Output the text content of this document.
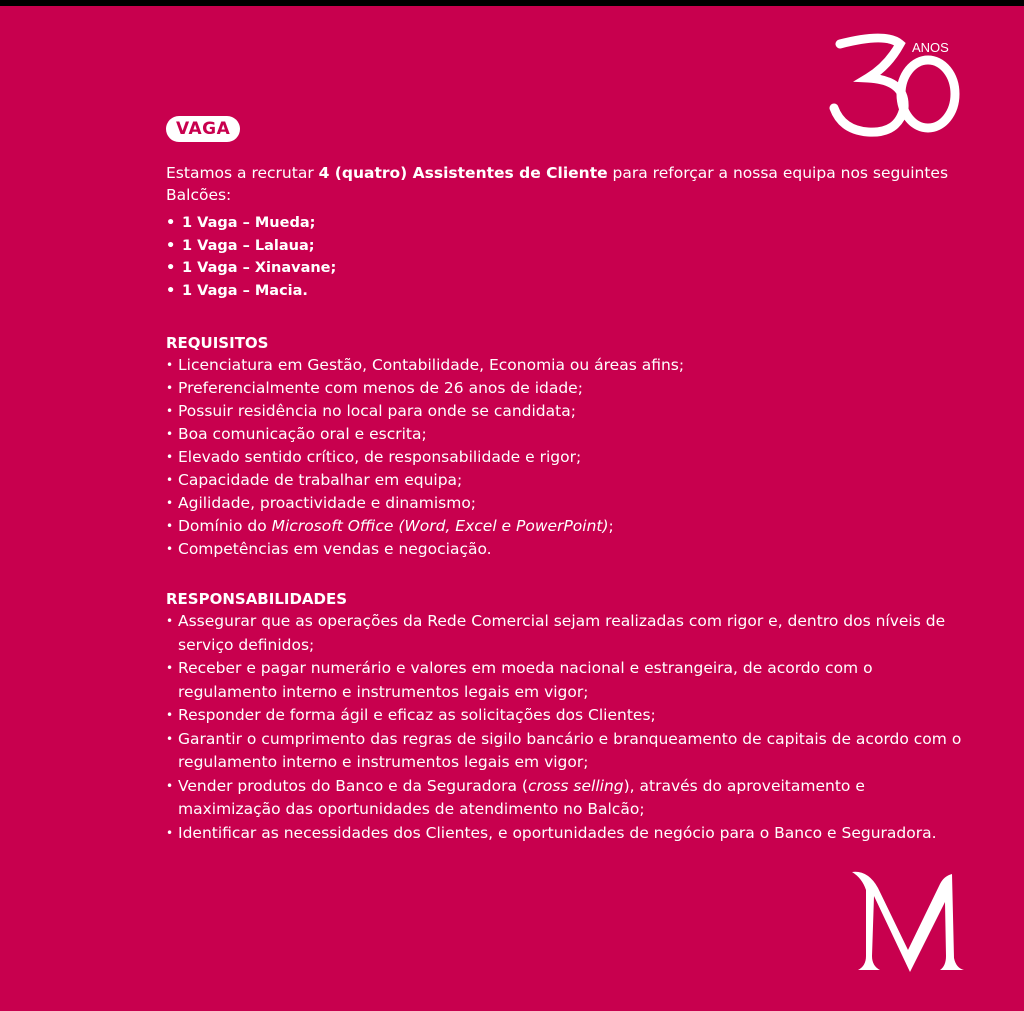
ANOS
VAGA
Estamos a recrutar 4 (quatro) Assistentes de Cliente para reforçar a nossa equipa nos seguintes Balcões:
• 1 Vaga – Mueda;
• 1 Vaga – Lalaua;
• 1 Vaga – Xinavane;
• 1 Vaga – Macia.
REQUISITOS
• Licenciatura em Gestão, Contabilidade, Economia ou áreas afins;
• Preferencialmente com menos de 26 anos de idade;
• Possuir residência no local para onde se candidata;
• Boa comunicação oral e escrita;
• Elevado sentido crítico, de responsabilidade e rigor;
• Capacidade de trabalhar em equipa;
• Agilidade, proactividade e dinamismo;
• Domínio do Microsoft Office (Word, Excel e PowerPoint);
• Competências em vendas e negociação.
RESPONSABILIDADES
• Assegurar que as operações da Rede Comercial sejam realizadas com rigor e, dentro dos níveis de serviço definidos;
• Receber e pagar numerário e valores em moeda nacional e estrangeira, de acordo com o regulamento interno e instrumentos legais em vigor;
• Responder de forma ágil e eficaz as solicitações dos Clientes;
• Garantir o cumprimento das regras de sigilo bancário e branqueamento de capitais de acordo com o regulamento interno e instrumentos legais em vigor;
• Vender produtos do Banco e da Seguradora (cross selling), através do aproveitamento e maximização das oportunidades de atendimento no Balcão;
• Identificar as necessidades dos Clientes, e oportunidades de negócio para o Banco e Seguradora.
